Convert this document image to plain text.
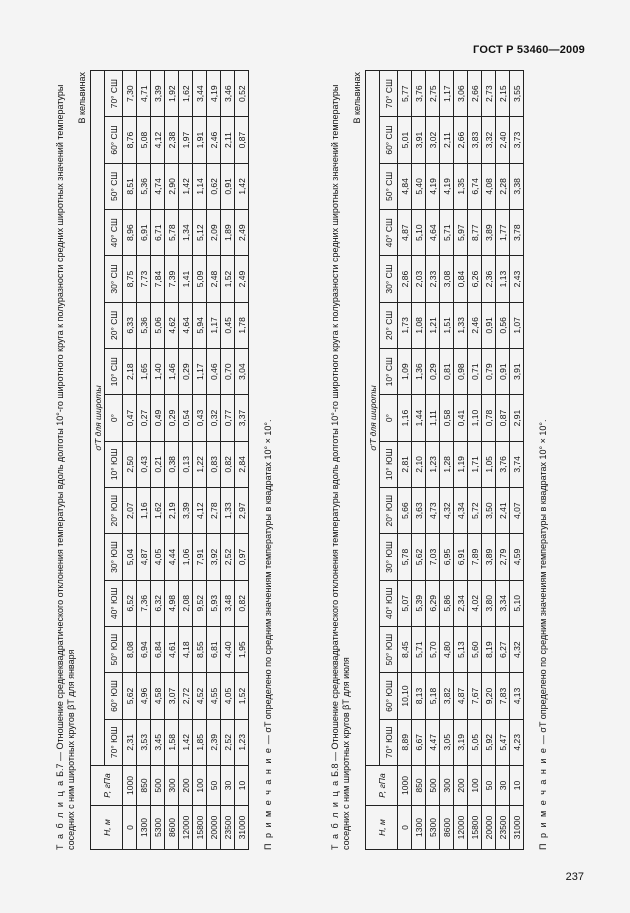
ГОСТ Р 53460—2009
Т а б л и ц а Б.7 — Отношение среднеквадратического отклонения температуры вдоль долготы 10°-го широтного круга к полуразности средних широтных значений температуры соседних с ним широтных кругов βT для января
В кельвинах
H, м	P, гПа	σ'T для широты														
		70° ЮШ	60° ЮШ	50° ЮШ	40° ЮШ	30° ЮШ	20° ЮШ	10° ЮШ	0°	10° СШ	20° СШ	30° СШ	40° СШ	50° СШ	60° СШ	70° СШ
0	1000	2,31	5,62	8,08	6,52	5,04	2,07	2,50	0,47	2,18	6,33	8,75	8,96	8,51	8,76	7,30
1300	850	3,53	4,96	6,94	7,36	4,87	1,16	0,43	0,27	1,65	5,36	7,73	6,91	5,36	5,08	4,71
5300	500	3,45	4,58	6,84	6,32	4,05	1,62	0,21	0,49	1,40	5,06	7,84	6,71	4,74	4,12	3,39
8600	300	1,58	3,07	4,61	4,98	4,44	2,19	0,38	0,29	1,46	4,62	7,39	5,78	2,90	2,38	1,92
12000	200	1,42	2,72	4,18	2,08	1,06	3,39	0,13	0,54	0,29	4,64	1,41	1,34	1,42	1,97	1,62
15800	100	1,85	4,52	8,55	9,52	7,91	4,12	1,22	0,43	1,17	5,94	5,09	5,12	1,14	1,91	3,44
20000	50	2,39	4,55	6,81	5,93	3,92	2,78	0,83	0,32	0,46	1,17	2,48	2,09	0,62	2,46	4,19
23500	30	2,52	4,05	4,40	3,48	2,52	1,33	0,82	0,77	0,70	0,45	1,52	1,89	0,91	2,11	3,46
31000	10	1,23	1,52	1,95	0,82	0,97	2,97	2,84	3,37	3,04	1,78	2,49	2,49	1,42	0,87	0,52
П р и м е ч а н и е — σT определено по средним значениям температуры в квадратах 10° × 10°.
Т а б л и ц а Б.8 — Отношение среднеквадратического отклонения температуры вдоль долготы 10°-го широтного круга к полуразности средних широтных значений температуры соседних с ним широтных кругов βT для июля
В кельвинах
H, м	P, гПа	σ'T для широты														
		70° ЮШ	60° ЮШ	50° ЮШ	40° ЮШ	30° ЮШ	20° ЮШ	10° ЮШ	0°	10° СШ	20° СШ	30° СШ	40° СШ	50° СШ	60° СШ	70° СШ
0	1000	8,89	10,10	8,45	5,07	5,78	5,66	2,81	1,16	1,09	1,73	2,86	4,87	4,84	5,01	5,77
1300	850	6,67	8,13	5,71	5,39	5,62	3,63	2,10	1,44	1,36	1,08	2,03	5,10	5,40	3,91	3,76
5300	500	4,47	5,18	5,70	6,29	7,03	4,73	1,23	1,11	0,29	1,21	2,33	4,64	4,19	3,02	2,75
8600	300	3,05	3,82	4,80	5,86	6,95	4,32	1,28	0,58	0,81	1,51	3,08	5,71	4,19	2,11	1,17
12000	200	3,19	4,87	5,13	2,34	6,91	4,34	1,19	0,41	0,98	1,33	0,84	5,97	1,35	2,66	3,06
15800	100	5,05	7,67	5,60	4,02	7,89	5,72	1,71	1,10	0,71	2,46	6,26	8,77	6,74	3,83	2,66
20000	50	5,92	9,20	8,19	3,80	3,89	3,50	1,05	0,78	0,79	0,91	2,36	3,89	4,08	3,32	2,73
23500	30	5,47	7,83	6,27	3,34	2,79	2,41	3,76	0,87	0,91	0,56	1,13	1,77	2,28	2,40	2,15
31000	10	4,23	4,13	4,32	5,10	4,59	4,07	3,74	2,91	3,91	1,07	2,43	3,78	3,38	3,73	3,55
П р и м е ч а н и е — σT определено по средним значениям температуры в квадратах 10° × 10°.
237
